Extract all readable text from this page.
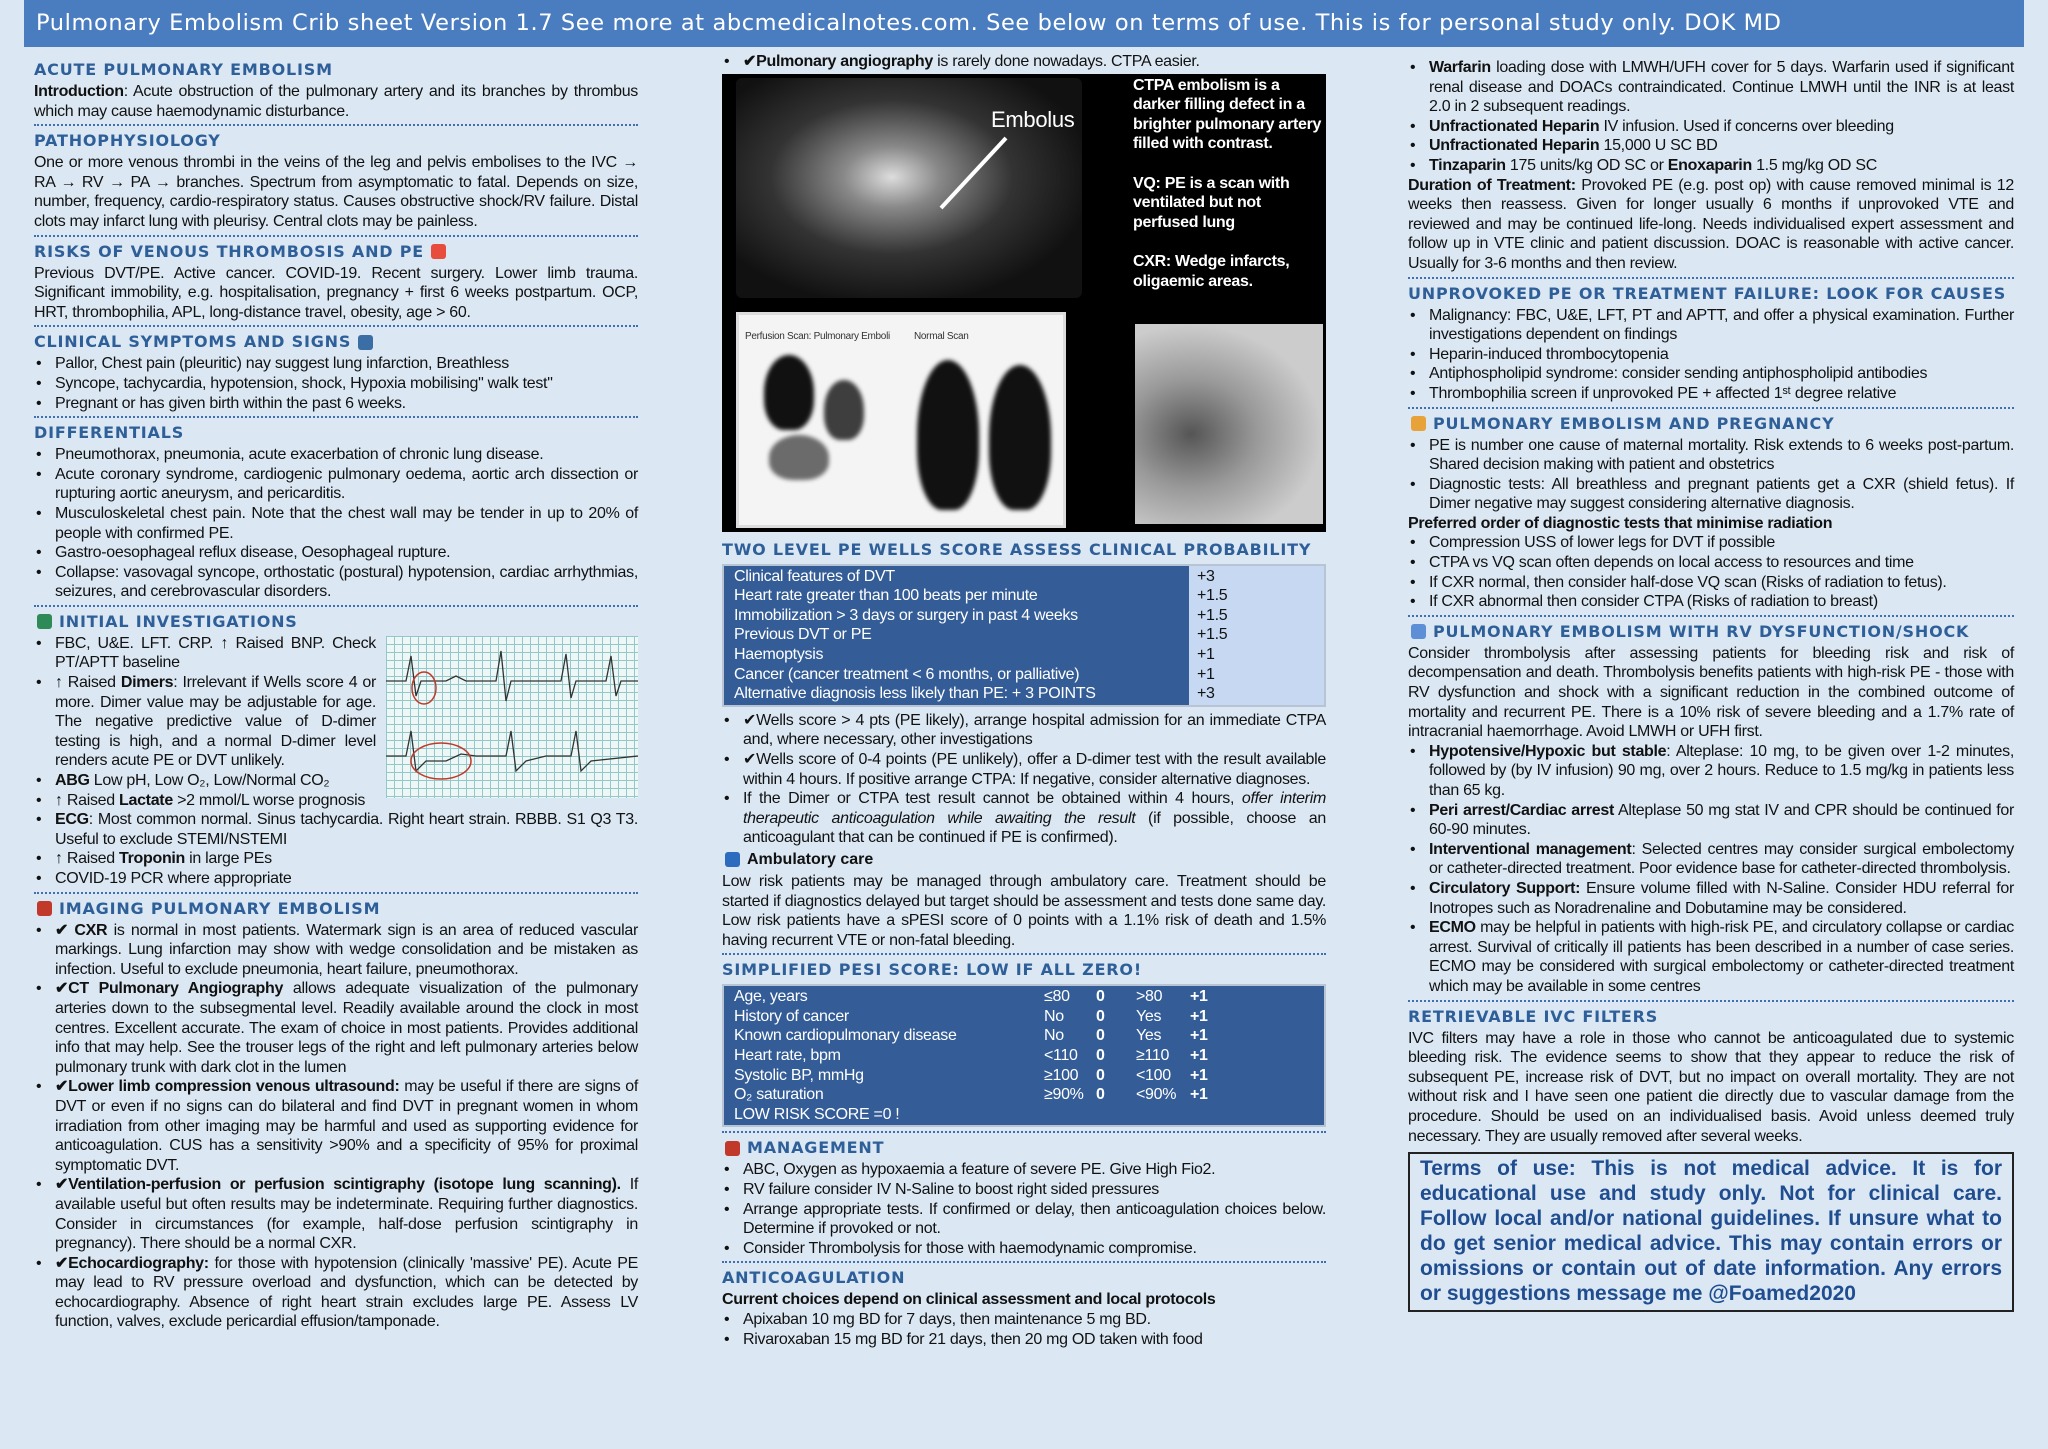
Pulmonary Embolism Crib sheet Version 1.7 See more at abcmedicalnotes.com. See below on terms of use. This is for personal study only. DOK MD
ACUTE PULMONARY EMBOLISM
Introduction: Acute obstruction of the pulmonary artery and its branches by thrombus which may cause haemodynamic disturbance.
PATHOPHYSIOLOGY
One or more venous thrombi in the veins of the leg and pelvis embolises to the IVC → RA → RV → PA → branches. Spectrum from asymptomatic to fatal. Depends on size, number, frequency, cardio-respiratory status. Causes obstructive shock/RV failure. Distal clots may infarct lung with pleurisy. Central clots may be painless.
RISKS OF VENOUS THROMBOSIS AND PE
Previous DVT/PE. Active cancer. COVID-19. Recent surgery. Lower limb trauma. Significant immobility, e.g. hospitalisation, pregnancy + first 6 weeks postpartum. OCP, HRT, thrombophilia, APL, long-distance travel, obesity, age > 60.
CLINICAL SYMPTOMS AND SIGNS
• Pallor, Chest pain (pleuritic) nay suggest lung infarction, Breathless
• Syncope, tachycardia, hypotension, shock, Hypoxia mobilising" walk test"
• Pregnant or has given birth within the past 6 weeks.
DIFFERENTIALS
• Pneumothorax, pneumonia, acute exacerbation of chronic lung disease.
• Acute coronary syndrome, cardiogenic pulmonary oedema, aortic arch dissection or rupturing aortic aneurysm, and pericarditis.
• Musculoskeletal chest pain. Note that the chest wall may be tender in up to 20% of people with confirmed PE.
• Gastro-oesophageal reflux disease, Oesophageal rupture.
• Collapse: vasovagal syncope, orthostatic (postural) hypotension, cardiac arrhythmias, seizures, and cerebrovascular disorders.
INITIAL INVESTIGATIONS
• FBC, U&E. LFT. CRP. ↑ Raised BNP. Check PT/APTT baseline
• ↑ Raised Dimers: Irrelevant if Wells score 4 or more. Dimer value may be adjustable for age. The negative predictive value of D-dimer testing is high, and a normal D-dimer level renders acute PE or DVT unlikely.
• ABG Low pH, Low O₂, Low/Normal CO₂
• ↑ Raised Lactate >2 mmol/L worse prognosis
• ECG: Most common normal. Sinus tachycardia. Right heart strain. RBBB. S1 Q3 T3. Useful to exclude STEMI/NSTEMI
• ↑ Raised Troponin in large PEs
• COVID-19 PCR where appropriate
IMAGING PULMONARY EMBOLISM
• ✔ CXR is normal in most patients. Watermark sign is an area of reduced vascular markings. Lung infarction may show with wedge consolidation and be mistaken as infection. Useful to exclude pneumonia, heart failure, pneumothorax.
• ✔CT Pulmonary Angiography allows adequate visualization of the pulmonary arteries down to the subsegmental level. Readily available around the clock in most centres. Excellent accurate. The exam of choice in most patients. Provides additional info that may help. See the trouser legs of the right and left pulmonary arteries below pulmonary trunk with dark clot in the lumen
• ✔Lower limb compression venous ultrasound: may be useful if there are signs of DVT or even if no signs can do bilateral and find DVT in pregnant women in whom irradiation from other imaging may be harmful and used as supporting evidence for anticoagulation. CUS has a sensitivity >90% and a specificity of 95% for proximal symptomatic DVT.
• ✔Ventilation-perfusion or perfusion scintigraphy (isotope lung scanning). If available useful but often results may be indeterminate. Requiring further diagnostics. Consider in circumstances (for example, half-dose perfusion scintigraphy in pregnancy). There should be a normal CXR.
• ✔Echocardiography: for those with hypotension (clinically 'massive' PE). Acute PE may lead to RV pressure overload and dysfunction, which can be detected by echocardiography. Absence of right heart strain excludes large PE. Assess LV function, valves, exclude pericardial effusion/tamponade.
• ✔Pulmonary angiography is rarely done nowadays. CTPA easier.
Embolus
CTPA embolism is a darker filling defect in a brighter pulmonary artery filled with contrast.

VQ: PE is a scan with ventilated but not perfused lung

CXR: Wedge infarcts, oligaemic areas.
Perfusion Scan: Pulmonary Emboli Normal Scan
TWO LEVEL PE WELLS SCORE ASSESS CLINICAL PROBABILITY
Clinical features of DVT
Heart rate greater than 100 beats per minute
Immobilization > 3 days or surgery in past 4 weeks
Previous DVT or PE
Haemoptysis
Cancer (cancer treatment < 6 months, or palliative)
Alternative diagnosis less likely than PE: + 3 POINTS
+3
+1.5
+1.5
+1.5
+1
+1
+3
• ✔Wells score > 4 pts (PE likely), arrange hospital admission for an immediate CTPA and, where necessary, other investigations
• ✔Wells score of 0-4 points (PE unlikely), offer a D-dimer test with the result available within 4 hours. If positive arrange CTPA: If negative, consider alternative diagnoses.
• If the Dimer or CTPA test result cannot be obtained within 4 hours, offer interim therapeutic anticoagulation while awaiting the result (if possible, choose an anticoagulant that can be continued if PE is confirmed).
Ambulatory care
Low risk patients may be managed through ambulatory care. Treatment should be started if diagnostics delayed but target should be assessment and tests done same day. Low risk patients have a sPESI score of 0 points with a 1.1% risk of death and 1.5% having recurrent VTE or non-fatal bleeding.
SIMPLIFIED PESI SCORE: LOW IF ALL ZERO!
Age, years
History of cancer
Known cardiopulmonary disease
Heart rate, bpm
Systolic BP, mmHg
O₂ saturation
LOW RISK SCORE =0 !
≤80 0 >80 +1
No 0 Yes +1
No 0 Yes +1
<110 0 ≥110 +1
≥100 0 <100 +1
≥90% 0 <90% +1
MANAGEMENT
• ABC, Oxygen as hypoxaemia a feature of severe PE. Give High Fio2.
• RV failure consider IV N-Saline to boost right sided pressures
• Arrange appropriate tests. If confirmed or delay, then anticoagulation choices below. Determine if provoked or not.
• Consider Thrombolysis for those with haemodynamic compromise.
ANTICOAGULATION
Current choices depend on clinical assessment and local protocols
• Apixaban 10 mg BD for 7 days, then maintenance 5 mg BD.
• Rivaroxaban 15 mg BD for 21 days, then 20 mg OD taken with food
• Warfarin loading dose with LMWH/UFH cover for 5 days. Warfarin used if significant renal disease and DOACs contraindicated. Continue LMWH until the INR is at least 2.0 in 2 subsequent readings.
• Unfractionated Heparin IV infusion. Used if concerns over bleeding
• Unfractionated Heparin 15,000 U SC BD
• Tinzaparin 175 units/kg OD SC or Enoxaparin 1.5 mg/kg OD SC
Duration of Treatment: Provoked PE (e.g. post op) with cause removed minimal is 12 weeks then reassess. Given for longer usually 6 months if unprovoked VTE and reviewed and may be continued life-long. Needs individualised expert assessment and follow up in VTE clinic and patient discussion. DOAC is reasonable with active cancer. Usually for 3-6 months and then review.
UNPROVOKED PE OR TREATMENT FAILURE: LOOK FOR CAUSES
• Malignancy: FBC, U&E, LFT, PT and APTT, and offer a physical examination. Further investigations dependent on findings
• Heparin-induced thrombocytopenia
• Antiphospholipid syndrome: consider sending antiphospholipid antibodies
• Thrombophilia screen if unprovoked PE + affected 1ˢᵗ degree relative
PULMONARY EMBOLISM AND PREGNANCY
• PE is number one cause of maternal mortality. Risk extends to 6 weeks post-partum. Shared decision making with patient and obstetrics
• Diagnostic tests: All breathless and pregnant patients get a CXR (shield fetus). If Dimer negative may suggest considering alternative diagnosis.
Preferred order of diagnostic tests that minimise radiation
• Compression USS of lower legs for DVT if possible
• CTPA vs VQ scan often depends on local access to resources and time
• If CXR normal, then consider half-dose VQ scan (Risks of radiation to fetus).
• If CXR abnormal then consider CTPA (Risks of radiation to breast)
PULMONARY EMBOLISM WITH RV DYSFUNCTION/SHOCK
Consider thrombolysis after assessing patients for bleeding risk and risk of decompensation and death. Thrombolysis benefits patients with high-risk PE - those with RV dysfunction and shock with a significant reduction in the combined outcome of mortality and recurrent PE. There is a 10% risk of severe bleeding and a 1.7% rate of intracranial haemorrhage. Avoid LMWH or UFH first.
• Hypotensive/Hypoxic but stable: Alteplase: 10 mg, to be given over 1-2 minutes, followed by (by IV infusion) 90 mg, over 2 hours. Reduce to 1.5 mg/kg in patients less than 65 kg.
• Peri arrest/Cardiac arrest Alteplase 50 mg stat IV and CPR should be continued for 60-90 minutes.
• Interventional management: Selected centres may consider surgical embolectomy or catheter-directed treatment. Poor evidence base for catheter-directed thrombolysis.
• Circulatory Support: Ensure volume filled with N-Saline. Consider HDU referral for Inotropes such as Noradrenaline and Dobutamine may be considered.
• ECMO may be helpful in patients with high-risk PE, and circulatory collapse or cardiac arrest. Survival of critically ill patients has been described in a number of case series. ECMO may be considered with surgical embolectomy or catheter-directed treatment which may be available in some centres
RETRIEVABLE IVC FILTERS
IVC filters may have a role in those who cannot be anticoagulated due to systemic bleeding risk. The evidence seems to show that they appear to reduce the risk of subsequent PE, increase risk of DVT, but no impact on overall mortality. They are not without risk and I have seen one patient die directly due to vascular damage from the procedure. Should be used on an individualised basis. Avoid unless deemed truly necessary. They are usually removed after several weeks.
Terms of use: This is not medical advice. It is for educational use and study only. Not for clinical care. Follow local and/or national guidelines. If unsure what to do get senior medical advice. This may contain errors or omissions or contain out of date information. Any errors or suggestions message me @Foamed2020
